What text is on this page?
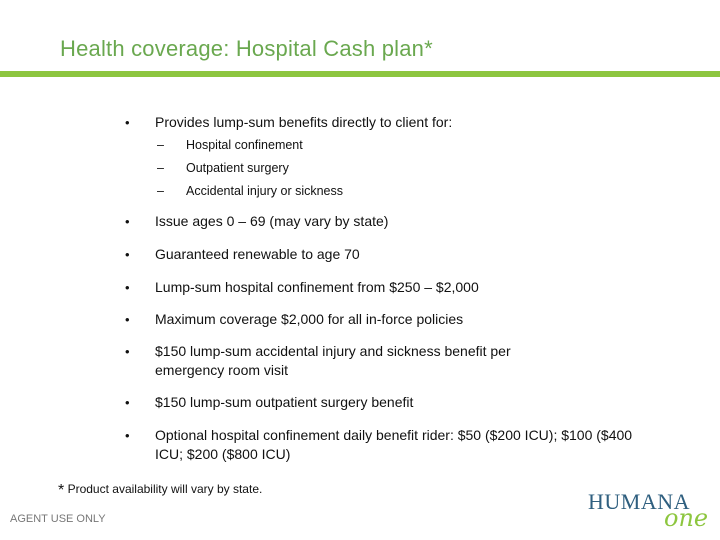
Health coverage: Hospital Cash plan*
• Provides lump-sum benefits directly to client for:
– Hospital confinement
– Outpatient surgery
– Accidental injury or sickness
• Issue ages 0 – 69 (may vary by state)
• Guaranteed renewable to age 70
• Lump-sum hospital confinement from $250 – $2,000
• Maximum coverage $2,000 for all in-force policies
• $150 lump-sum accidental injury and sickness benefit per emergency room visit
• $150 lump-sum outpatient surgery benefit
• Optional hospital confinement daily benefit rider: $50 ($200 ICU); $100 ($400 ICU; $200 ($800 ICU)
* Product availability will vary by state.
AGENT USE ONLY
HUMANA
one
